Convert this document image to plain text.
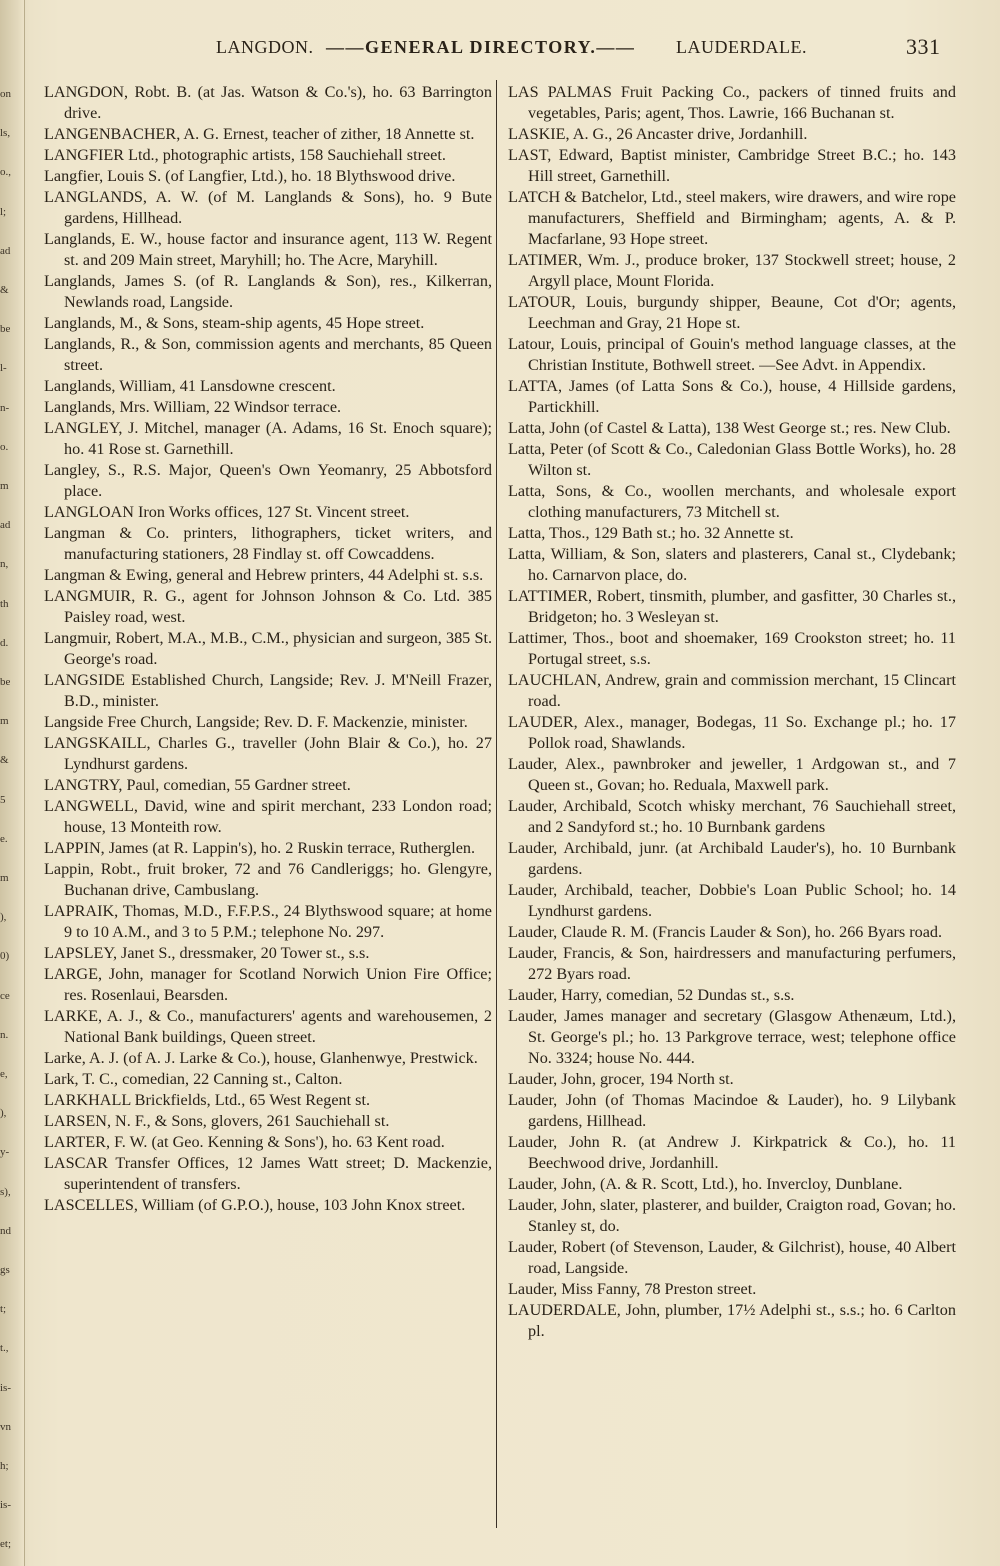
on
ls,
o.,
l;
ad
&
be
l-
n-
o.
m
ad
n,
th
d.
be
m
&
5
e.
m
),
0)
ce
n.
e,
),
y-
s),
nd
gs
t;
t.,
is-
vn
h;
is-
et;
LANGDON. ——GENERAL DIRECTORY.—— LAUDERDALE.	331

LANGDON, Robt. B. (at Jas. Watson & Co.'s), ho. 63 Barrington drive.

LANGENBACHER, A. G. Ernest, teacher of zither, 18 Annette st.

LANGFIER Ltd., photographic artists, 158 Sauchiehall street.

Langfier, Louis S. (of Langfier, Ltd.), ho. 18 Blythswood drive.

LANGLANDS, A. W. (of M. Langlands & Sons), ho. 9 Bute gardens, Hillhead.

Langlands, E. W., house factor and insurance agent, 113 W. Regent st. and 209 Main street, Maryhill; ho. The Acre, Maryhill.

Langlands, James S. (of R. Langlands & Son), res., Kilkerran, Newlands road, Langside.

Langlands, M., & Sons, steam-ship agents, 45 Hope street.

Langlands, R., & Son, commission agents and merchants, 85 Queen street.

Langlands, William, 41 Lansdowne crescent.

Langlands, Mrs. William, 22 Windsor terrace.

LANGLEY, J. Mitchel, manager (A. Adams, 16 St. Enoch square); ho. 41 Rose st. Garnethill.

Langley, S., R.S. Major, Queen's Own Yeomanry, 25 Abbotsford place.

LANGLOAN Iron Works offices, 127 St. Vincent street.

Langman & Co. printers, lithographers, ticket writers, and manufacturing stationers, 28 Findlay st. off Cowcaddens.

Langman & Ewing, general and Hebrew printers, 44 Adelphi st. s.s.

LANGMUIR, R. G., agent for Johnson Johnson & Co. Ltd. 385 Paisley road, west.

Langmuir, Robert, M.A., M.B., C.M., physician and surgeon, 385 St. George's road.

LANGSIDE Established Church, Langside; Rev. J. M'Neill Frazer, B.D., minister.

Langside Free Church, Langside; Rev. D. F. Mackenzie, minister.

LANGSKAILL, Charles G., traveller (John Blair & Co.), ho. 27 Lyndhurst gardens.

LANGTRY, Paul, comedian, 55 Gardner street.

LANGWELL, David, wine and spirit merchant, 233 London road; house, 13 Monteith row.

LAPPIN, James (at R. Lappin's), ho. 2 Ruskin terrace, Rutherglen.

Lappin, Robt., fruit broker, 72 and 76 Candleriggs; ho. Glengyre, Buchanan drive, Cambuslang.

LAPRAIK, Thomas, M.D., F.F.P.S., 24 Blythswood square; at home 9 to 10 A.M., and 3 to 5 P.M.; telephone No. 297.

LAPSLEY, Janet S., dressmaker, 20 Tower st., s.s.

LARGE, John, manager for Scotland Norwich Union Fire Office; res. Rosenlaui, Bearsden.

LARKE, A. J., & Co., manufacturers' agents and warehousemen, 2 National Bank buildings, Queen street.

Larke, A. J. (of A. J. Larke & Co.), house, Glanhenwye, Prestwick.

Lark, T. C., comedian, 22 Canning st., Calton.

LARKHALL Brickfields, Ltd., 65 West Regent st.

LARSEN, N. F., & Sons, glovers, 261 Sauchiehall st.

LARTER, F. W. (at Geo. Kenning & Sons'), ho. 63 Kent road.

LASCAR Transfer Offices, 12 James Watt street; D. Mackenzie, superintendent of transfers.

LASCELLES, William (of G.P.O.), house, 103 John Knox street.

LAS PALMAS Fruit Packing Co., packers of tinned fruits and vegetables, Paris; agent, Thos. Lawrie, 166 Buchanan st.

LASKIE, A. G., 26 Ancaster drive, Jordanhill.

LAST, Edward, Baptist minister, Cambridge Street B.C.; ho. 143 Hill street, Garnethill.

LATCH & Batchelor, Ltd., steel makers, wire drawers, and wire rope manufacturers, Sheffield and Birmingham; agents, A. & P. Macfarlane, 93 Hope street.

LATIMER, Wm. J., produce broker, 137 Stockwell street; house, 2 Argyll place, Mount Florida.

LATOUR, Louis, burgundy shipper, Beaune, Cot d'Or; agents, Leechman and Gray, 21 Hope st.

Latour, Louis, principal of Gouin's method language classes, at the Christian Institute, Bothwell street. —See Advt. in Appendix.

LATTA, James (of Latta Sons & Co.), house, 4 Hillside gardens, Partickhill.

Latta, John (of Castel & Latta), 138 West George st.; res. New Club.

Latta, Peter (of Scott & Co., Caledonian Glass Bottle Works), ho. 28 Wilton st.

Latta, Sons, & Co., woollen merchants, and wholesale export clothing manufacturers, 73 Mitchell st.

Latta, Thos., 129 Bath st.; ho. 32 Annette st.

Latta, William, & Son, slaters and plasterers, Canal st., Clydebank; ho. Carnarvon place, do.

LATTIMER, Robert, tinsmith, plumber, and gasfitter, 30 Charles st., Bridgeton; ho. 3 Wesleyan st.

Lattimer, Thos., boot and shoemaker, 169 Crookston street; ho. 11 Portugal street, s.s.

LAUCHLAN, Andrew, grain and commission merchant, 15 Clincart road.

LAUDER, Alex., manager, Bodegas, 11 So. Exchange pl.; ho. 17 Pollok road, Shawlands.

Lauder, Alex., pawnbroker and jeweller, 1 Ardgowan st., and 7 Queen st., Govan; ho. Reduala, Maxwell park.

Lauder, Archibald, Scotch whisky merchant, 76 Sauchiehall street, and 2 Sandyford st.; ho. 10 Burnbank gardens

Lauder, Archibald, junr. (at Archibald Lauder's), ho. 10 Burnbank gardens.

Lauder, Archibald, teacher, Dobbie's Loan Public School; ho. 14 Lyndhurst gardens.

Lauder, Claude R. M. (Francis Lauder & Son), ho. 266 Byars road.

Lauder, Francis, & Son, hairdressers and manufacturing perfumers, 272 Byars road.

Lauder, Harry, comedian, 52 Dundas st., s.s.

Lauder, James manager and secretary (Glasgow Athenæum, Ltd.), St. George's pl.; ho. 13 Parkgrove terrace, west; telephone office No. 3324; house No. 444.

Lauder, John, grocer, 194 North st.

Lauder, John (of Thomas Macindoe & Lauder), ho. 9 Lilybank gardens, Hillhead.

Lauder, John R. (at Andrew J. Kirkpatrick & Co.), ho. 11 Beechwood drive, Jordanhill.

Lauder, John, (A. & R. Scott, Ltd.), ho. Invercloy, Dunblane.

Lauder, John, slater, plasterer, and builder, Craigton road, Govan; ho. Stanley st, do.

Lauder, Robert (of Stevenson, Lauder, & Gilchrist), house, 40 Albert road, Langside.

Lauder, Miss Fanny, 78 Preston street.

LAUDERDALE, John, plumber, 17½ Adelphi st., s.s.; ho. 6 Carlton pl.
